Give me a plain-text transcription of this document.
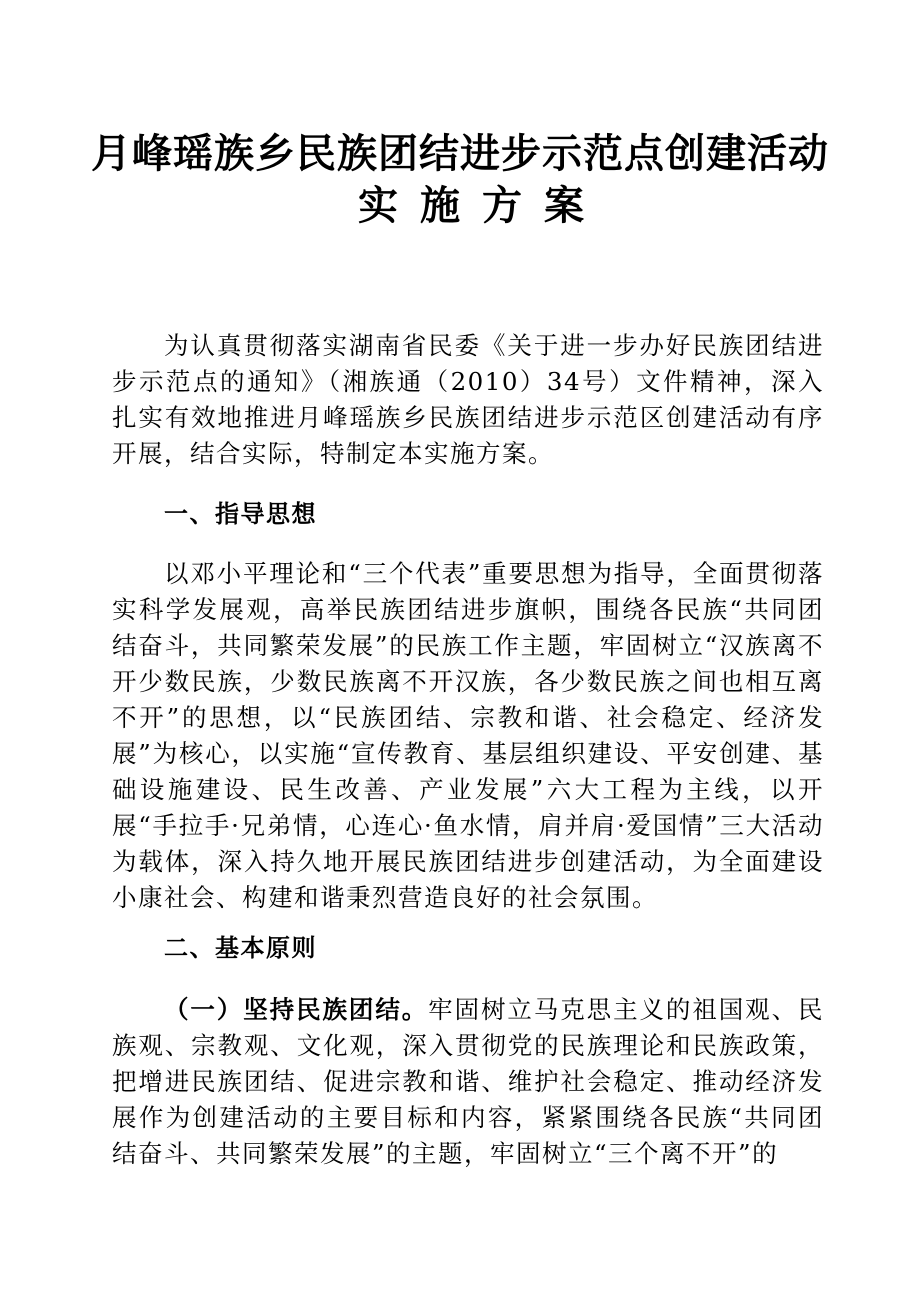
月峰瑶族乡民族团结进步示范点创建活动
实施方案

为认真贯彻落实湖南省民委《关于进一步办好民族团结进步示范点的通知》（湘族通（2010）34号）文件精神，深入扎实有效地推进月峰瑶族乡民族团结进步示范区创建活动有序开展，结合实际，特制定本实施方案。

一、指导思想

以邓小平理论和“三个代表”重要思想为指导，全面贯彻落实科学发展观，高举民族团结进步旗帜，围绕各民族“共同团结奋斗，共同繁荣发展”的民族工作主题，牢固树立“汉族离不开少数民族，少数民族离不开汉族，各少数民族之间也相互离不开”的思想，以“民族团结、宗教和谐、社会稳定、经济发展”为核心，以实施“宣传教育、基层组织建设、平安创建、基础设施建设、民生改善、产业发展”六大工程为主线，以开展“手拉手·兄弟情，心连心·鱼水情，肩并肩·爱国情”三大活动为载体，深入持久地开展民族团结进步创建活动，为全面建设小康社会、构建和谐秉烈营造良好的社会氛围。

二、基本原则

（一）坚持民族团结。牢固树立马克思主义的祖国观、民族观、宗教观、文化观，深入贯彻党的民族理论和民族政策，把增进民族团结、促进宗教和谐、维护社会稳定、推动经济发展作为创建活动的主要目标和内容，紧紧围绕各民族“共同团结奋斗、共同繁荣发展”的主题，牢固树立“三个离不开”的
